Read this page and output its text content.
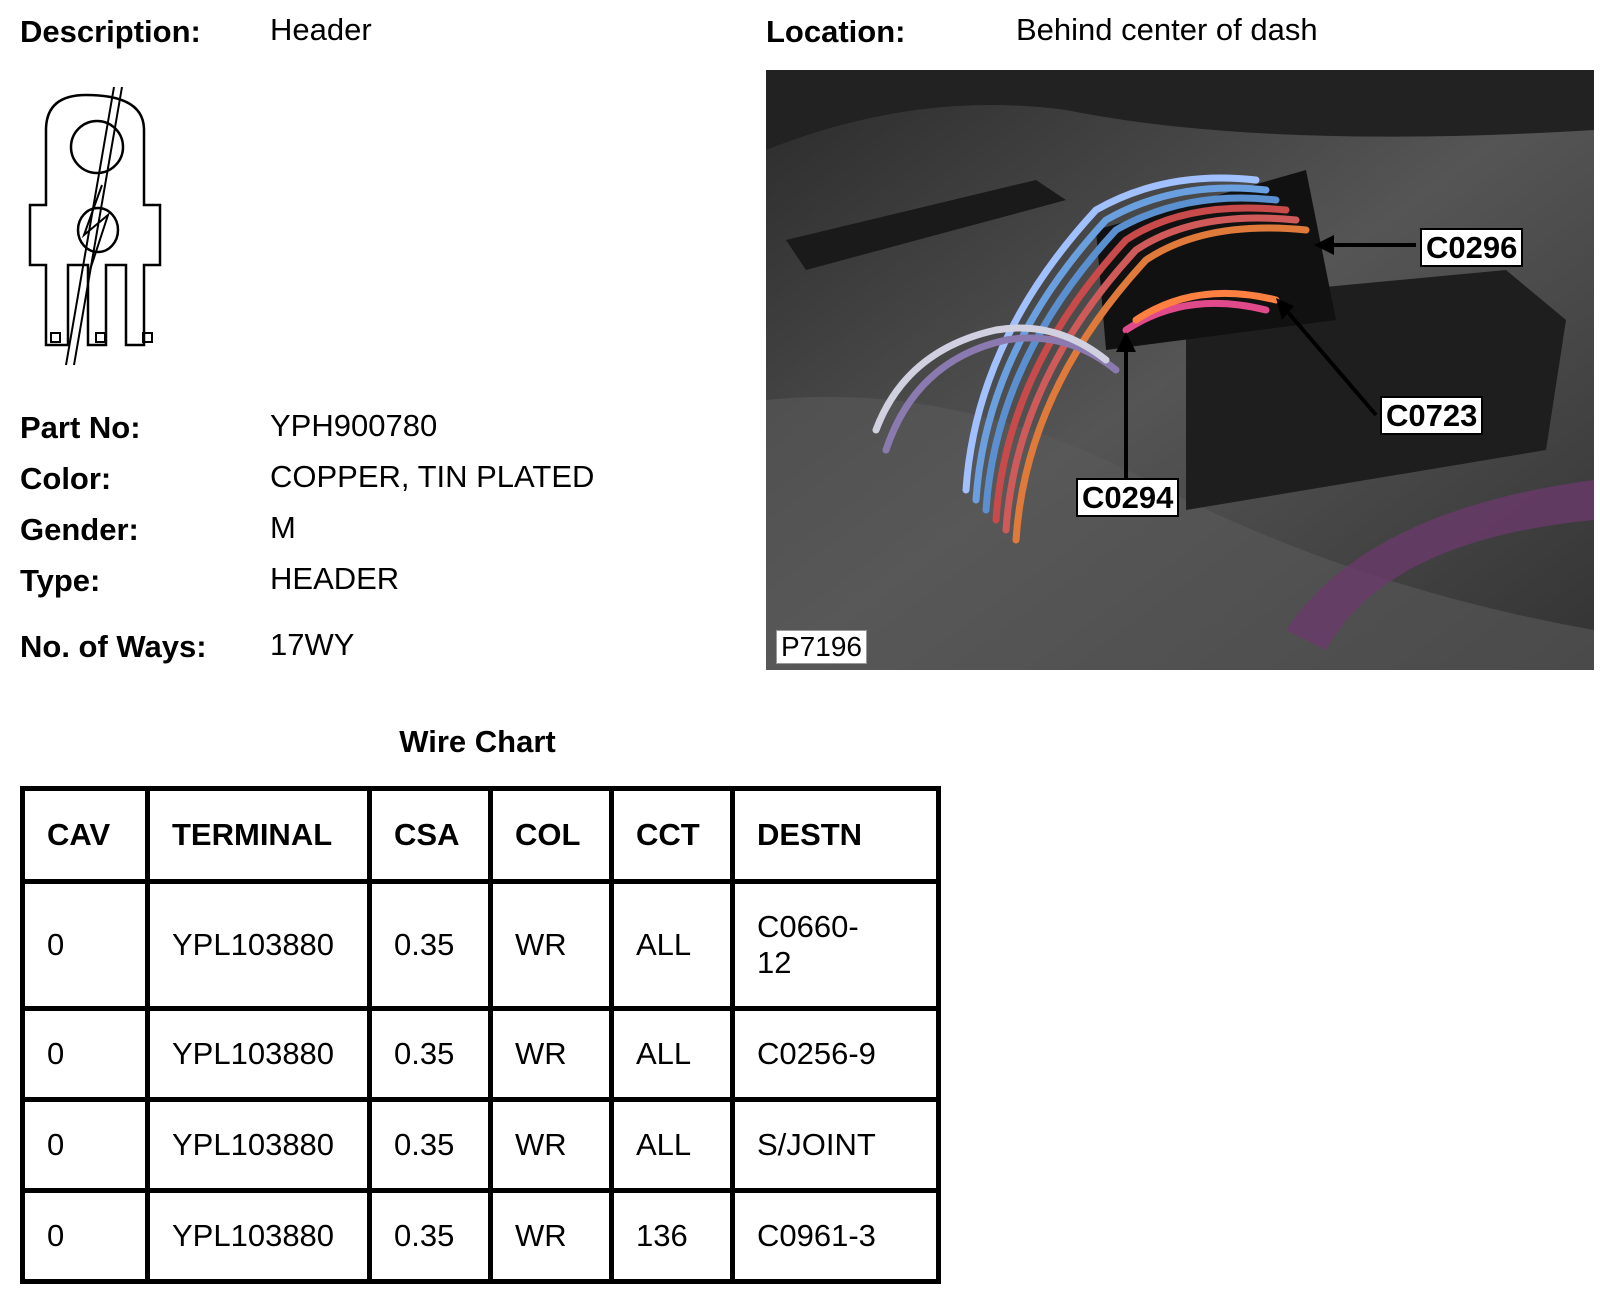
Description: Header	Location:	Behind center of dash
Part No:	YPH900780
Color:	COPPER, TIN PLATED
Gender:	M
Type:	HEADER
No. of Ways: 17WY
C0296
C0723
C0294
P7196
Wire Chart
CAV	TERMINAL	CSA	COL	CCT	DESTN
0	YPL103880	0.35	WR	ALL	C0660-
12
0	YPL103880	0.35	WR	ALL	C0256-9
0	YPL103880	0.35	WR	ALL	S/JOINT
0	YPL103880	0.35	WR	136	C0961-3
